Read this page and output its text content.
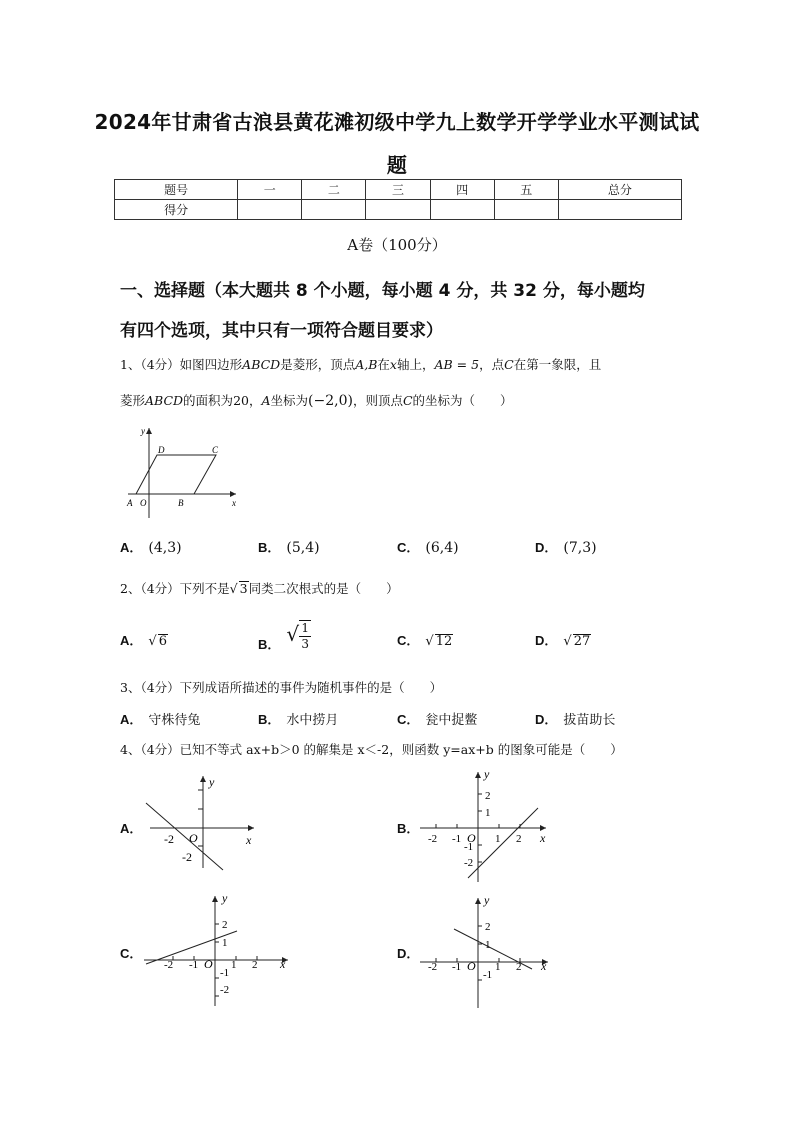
2024年甘肃省古浪县黄花滩初级中学九上数学开学学业水平测试试
题
题号	一	二	三	四	五	总分
得分						
A卷（100分）
一、选择题（本大题共 8 个小题，每小题 4 分，共 32 分，每小题均
有四个选项，其中只有一项符合题目要求）
1、（4分）如图四边形ABCD是菱形，顶点A,B在x轴上，AB = 5，点C在第一象限，且
菱形ABCD的面积为20，A坐标为(−2,0)，则顶点C的坐标为（　　）
y
x
D	C
A O	B
A． (4,3)	B． (5,4)	C． (6,4)	D． (7,3)
2、（4分）下列不是√ 3同类二次根式的是（　　）
A． √ 6	B． √ $\frac{1}{3}$	C． √ 12	D． √ 27
3、（4分）下列成语所描述的事件为随机事件的是（　　）
A． 守株待兔	B． 水中捞月	C． 瓮中捉鳖	D． 拔苗助长
4、（4分）已知不等式 ax+b＞0 的解集是 x＜-2，则函数 y=ax+b 的图象可能是（　　）
A．
y
x
O
-2
-2
B．
y
x
O
-2 -1	1 2
2
1
-1
-2
C．
y
x
O
-2 -1	1 2
2
1
-1
-2
D．
y
x
O
-2 -1	1 2
2
1
-1
